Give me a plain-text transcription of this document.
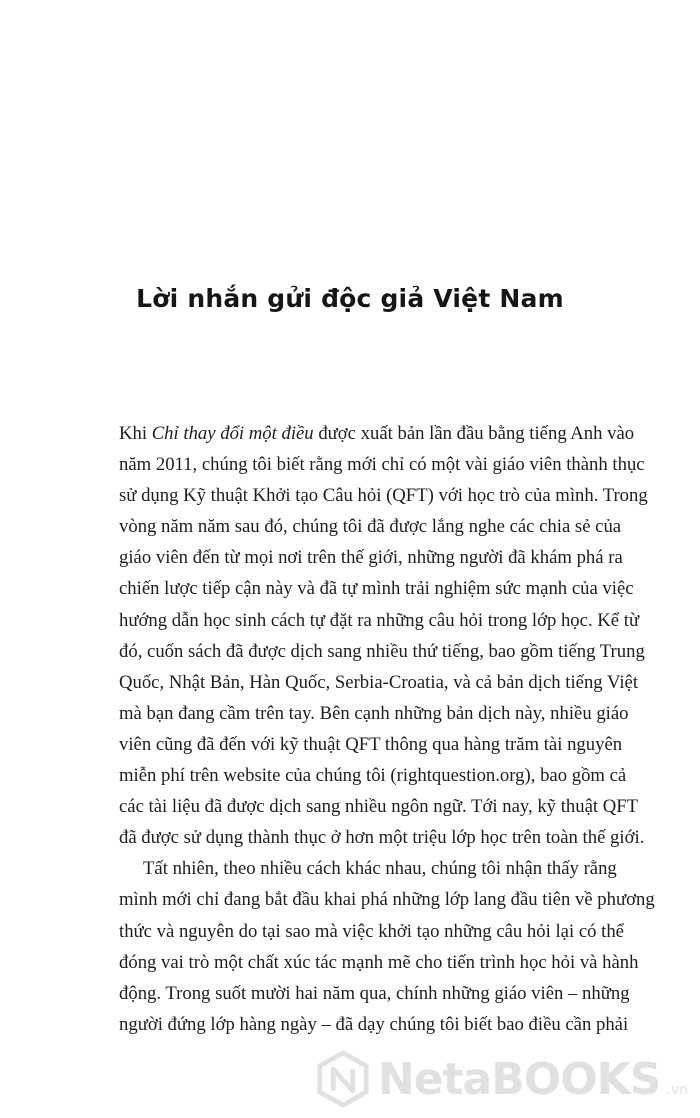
Lời nhắn gửi độc giả Việt Nam

Khi Chỉ thay đổi một điều được xuất bản lần đầu bằng tiếng Anh vào
năm 2011, chúng tôi biết rằng mới chỉ có một vài giáo viên thành thục
sử dụng Kỹ thuật Khởi tạo Câu hỏi (QFT) với học trò của mình. Trong
vòng năm năm sau đó, chúng tôi đã được lắng nghe các chia sẻ của
giáo viên đến từ mọi nơi trên thế giới, những người đã khám phá ra
chiến lược tiếp cận này và đã tự mình trải nghiệm sức mạnh của việc
hướng dẫn học sinh cách tự đặt ra những câu hỏi trong lớp học. Kể từ
đó, cuốn sách đã được dịch sang nhiều thứ tiếng, bao gồm tiếng Trung
Quốc, Nhật Bản, Hàn Quốc, Serbia-Croatia, và cả bản dịch tiếng Việt
mà bạn đang cầm trên tay. Bên cạnh những bản dịch này, nhiều giáo
viên cũng đã đến với kỹ thuật QFT thông qua hàng trăm tài nguyên
miễn phí trên website của chúng tôi (rightquestion.org), bao gồm cả
các tài liệu đã được dịch sang nhiều ngôn ngữ. Tới nay, kỹ thuật QFT
đã được sử dụng thành thục ở hơn một triệu lớp học trên toàn thế giới.

Tất nhiên, theo nhiều cách khác nhau, chúng tôi nhận thấy rằng
mình mới chỉ đang bắt đầu khai phá những lớp lang đầu tiên về phương
thức và nguyên do tại sao mà việc khởi tạo những câu hỏi lại có thể
đóng vai trò một chất xúc tác mạnh mẽ cho tiến trình học hỏi và hành
động. Trong suốt mười hai năm qua, chính những giáo viên – những
người đứng lớp hàng ngày – đã dạy chúng tôi biết bao điều cần phải

NetaBOOKS .vn
